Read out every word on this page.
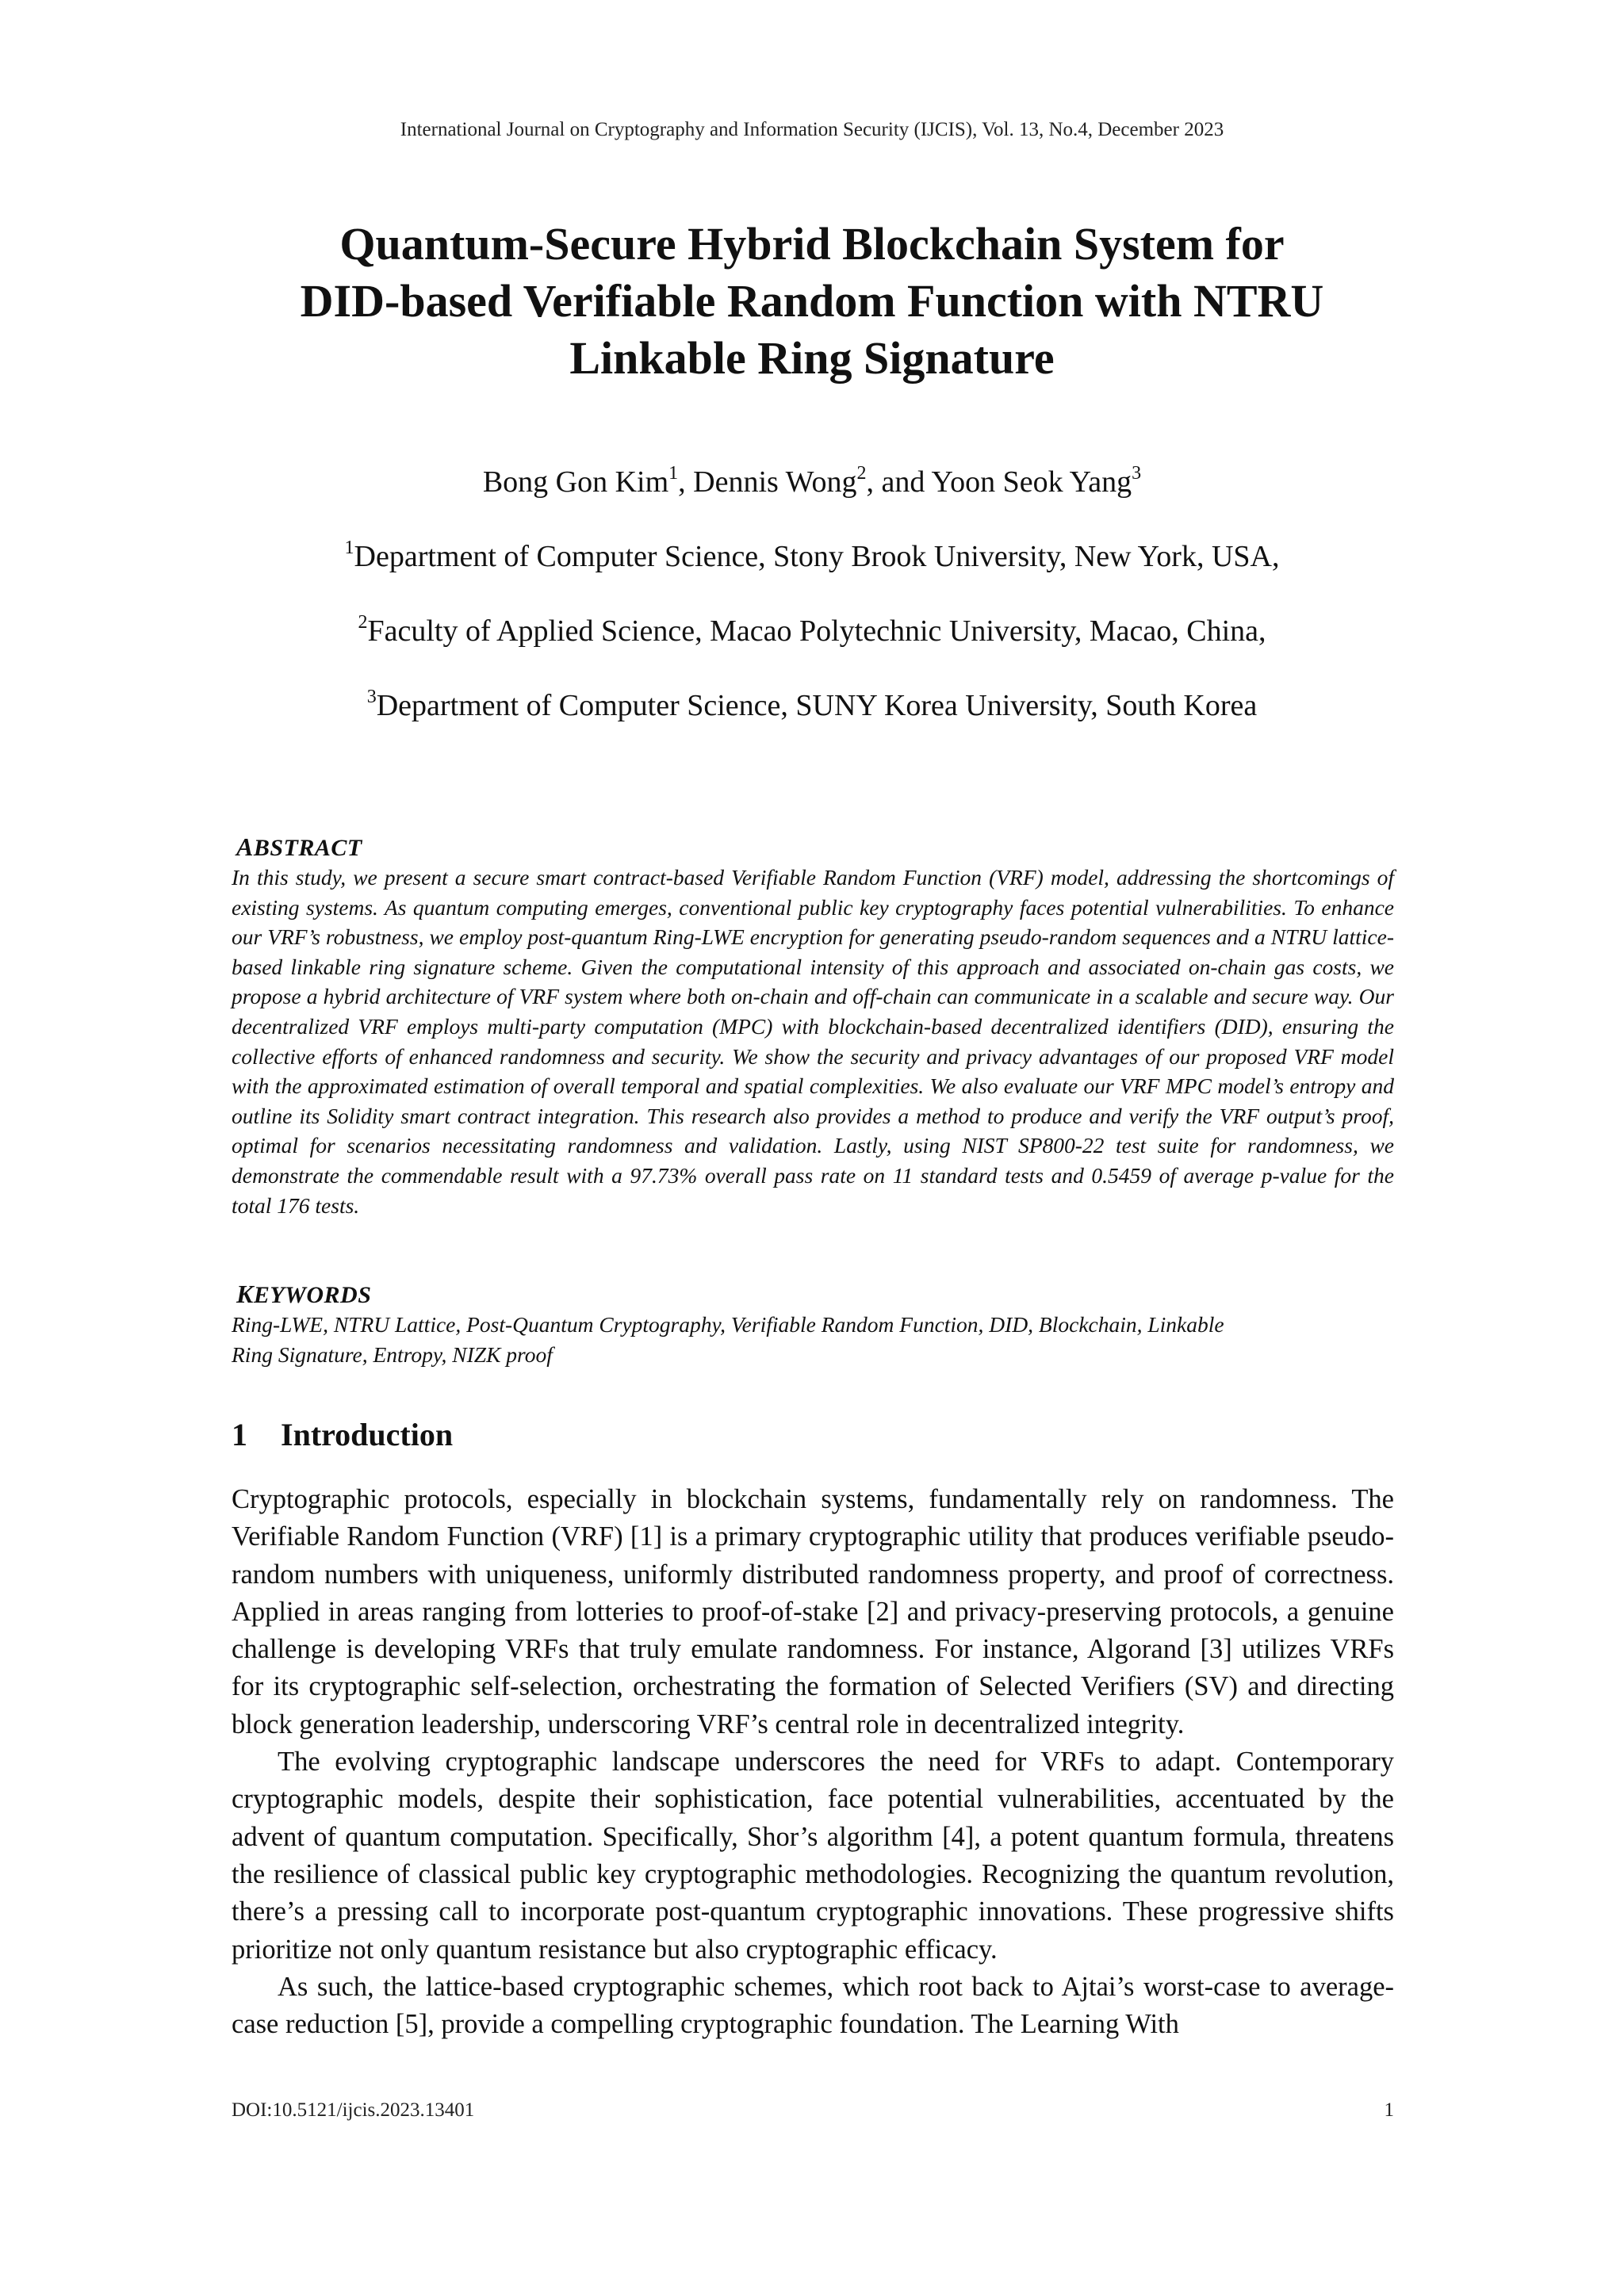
International Journal on Cryptography and Information Security (IJCIS), Vol. 13, No.4, December 2023
Quantum-Secure Hybrid Blockchain System for
DID-based Verifiable Random Function with NTRU
Linkable Ring Signature
Bong Gon Kim$^1$, Dennis Wong$^2$, and Yoon Seok Yang$^3$
$^1$Department of Computer Science, Stony Brook University, New York, USA,
$^2$Faculty of Applied Science, Macao Polytechnic University, Macao, China,
$^3$Department of Computer Science, SUNY Korea University, South Korea
ABSTRACT

In this study, we present a secure smart contract-based Verifiable Random Function (VRF) model, addressing the shortcomings of existing systems. As quantum computing emerges, conventional public key cryptography faces potential vulnerabilities. To enhance our VRF’s robustness, we employ post-quantum Ring-LWE encryption for generating pseudo-random sequences and a NTRU lattice-based linkable ring signature scheme. Given the computational intensity of this approach and associated on-chain gas costs, we propose a hybrid architecture of VRF system where both on-chain and off-chain can communicate in a scalable and secure way. Our decentralized VRF employs multi-party computation (MPC) with blockchain-based decentralized identifiers (DID), ensuring the collective efforts of enhanced randomness and security. We show the security and privacy advantages of our proposed VRF model with the approximated estimation of overall temporal and spatial complexities. We also evaluate our VRF MPC model’s entropy and outline its Solidity smart contract integration. This research also provides a method to produce and verify the VRF output’s proof, optimal for scenarios necessitating randomness and validation. Lastly, using NIST SP800-22 test suite for randomness, we demonstrate the commendable result with a 97.73% overall pass rate on 11 standard tests and 0.5459 of average p-value for the total 176 tests.

KEYWORDS
Ring-LWE, NTRU Lattice, Post-Quantum Cryptography, Verifiable Random Function, DID, Blockchain, Linkable
Ring Signature, Entropy, NIZK proof
1 Introduction

Cryptographic protocols, especially in blockchain systems, fundamentally rely on randomness. The Verifiable Random Function (VRF) [1] is a primary cryptographic utility that produces verifiable pseudo-random numbers with uniqueness, uniformly distributed randomness property, and proof of correctness. Applied in areas ranging from lotteries to proof-of-stake [2] and privacy-preserving protocols, a genuine challenge is developing VRFs that truly emulate randomness. For instance, Algorand [3] utilizes VRFs for its cryptographic self-selection, orchestrating the formation of Selected Verifiers (SV) and directing block generation leadership, underscoring VRF’s central role in decentralized integrity.

The evolving cryptographic landscape underscores the need for VRFs to adapt. Contemporary cryptographic models, despite their sophistication, face potential vulnerabilities, accentuated by the advent of quantum computation. Specifically, Shor’s algorithm [4], a potent quantum formula, threatens the resilience of classical public key cryptographic methodologies. Recognizing the quantum revolution, there’s a pressing call to incorporate post-quantum cryptographic innovations. These progressive shifts prioritize not only quantum resistance but also cryptographic efficacy.

As such, the lattice-based cryptographic schemes, which root back to Ajtai’s worst-case to average-case reduction [5], provide a compelling cryptographic foundation. The Learning With

DOI:10.5121/ijcis.2023.13401	1
